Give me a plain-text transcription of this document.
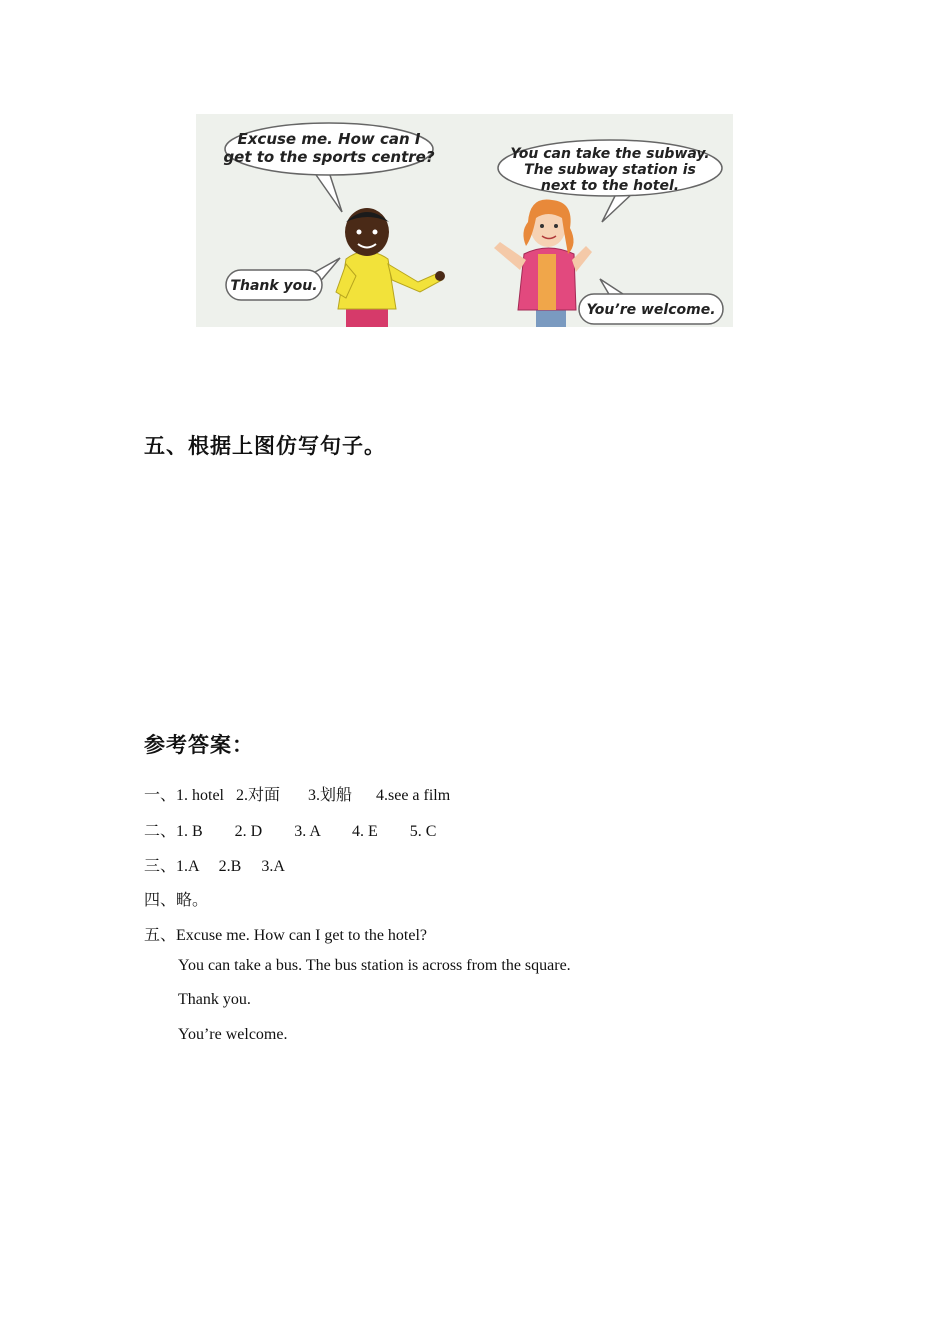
Excuse me. How can I
get to the sports centre?	You can take the subway.
The subway station is
next to the hotel.
Thank you.
You’re welcome.
五、根据上图仿写句子。
参考答案：
一、1. hotel   2.对面       3.划船      4.see a film
二、1. B        2. D        3. A        4. E        5. C
三、1.A     2.B     3.A
四、略。
五、Excuse me. How can I get to the hotel?
You can take a bus. The bus station is across from the square.
Thank you.
You’re welcome.
